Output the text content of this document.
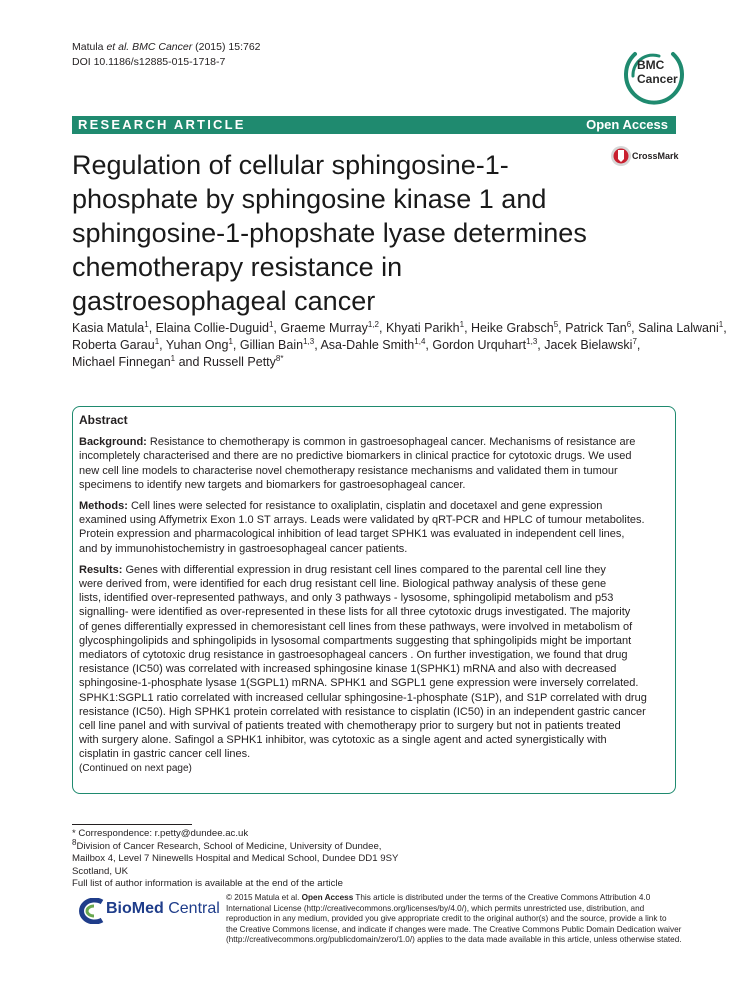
Matula et al. BMC Cancer (2015) 15:762
DOI 10.1186/s12885-015-1718-7	BMC
Cancer
RESEARCH ARTICLE	Open Access
CrossMark
Regulation of cellular sphingosine-1-
phosphate by sphingosine kinase 1 and
sphingosine-1-phopshate lyase determines
chemotherapy resistance in
gastroesophageal cancer
Kasia Matula$^1$, Elaina Collie-Duguid$^1$, Graeme Murray$^{1,2}$, Khyati Parikh$^1$, Heike Grabsch$^5$, Patrick Tan$^6$, Salina Lalwani$^1$,
Roberta Garau$^1$, Yuhan Ong$^1$, Gillian Bain$^{1,3}$, Asa-Dahle Smith$^{1,4}$, Gordon Urquhart$^{1,3}$, Jacek Bielawski$^7$,
Michael Finnegan$^1$ and Russell Petty$^{8*}$
Abstract
Background: Resistance to chemotherapy is common in gastroesophageal cancer. Mechanisms of resistance are
incompletely characterised and there are no predictive biomarkers in clinical practice for cytotoxic drugs. We used
new cell line models to characterise novel chemotherapy resistance mechanisms and validated them in tumour
specimens to identify new targets and biomarkers for gastroesophageal cancer.
Methods: Cell lines were selected for resistance to oxaliplatin, cisplatin and docetaxel and gene expression
examined using Affymetrix Exon 1.0 ST arrays. Leads were validated by qRT-PCR and HPLC of tumour metabolites.
Protein expression and pharmacological inhibition of lead target SPHK1 was evaluated in independent cell lines,
and by immunohistochemistry in gastroesophageal cancer patients.
Results: Genes with differential expression in drug resistant cell lines compared to the parental cell line they
were derived from, were identified for each drug resistant cell line. Biological pathway analysis of these gene
lists, identified over-represented pathways, and only 3 pathways - lysosome, sphingolipid metabolism and p53
signalling- were identified as over-represented in these lists for all three cytotoxic drugs investigated. The majority
of genes differentially expressed in chemoresistant cell lines from these pathways, were involved in metabolism of
glycosphingolipids and sphingolipids in lysosomal compartments suggesting that sphingolipids might be important
mediators of cytotoxic drug resistance in gastroesophageal cancers . On further investigation, we found that drug
resistance (IC50) was correlated with increased sphingosine kinase 1(SPHK1) mRNA and also with decreased
sphingosine-1-phosphate lysase 1(SGPL1) mRNA. SPHK1 and SGPL1 gene expression were inversely correlated.
SPHK1:SGPL1 ratio correlated with increased cellular sphingosine-1-phosphate (S1P), and S1P correlated with drug
resistance (IC50). High SPHK1 protein correlated with resistance to cisplatin (IC50) in an independent gastric cancer
cell line panel and with survival of patients treated with chemotherapy prior to surgery but not in patients treated
with surgery alone. Safingol a SPHK1 inhibitor, was cytotoxic as a single agent and acted synergistically with
cisplatin in gastric cancer cell lines.
(Continued on next page)
* Correspondence: r.petty@dundee.ac.uk
$^8$Division of Cancer Research, School of Medicine, University of Dundee,
Mailbox 4, Level 7 Ninewells Hospital and Medical School, Dundee DD1 9SY
Scotland, UK
Full list of author information is available at the end of the article
BioMed Central
© 2015 Matula et al. Open Access This article is distributed under the terms of the Creative Commons Attribution 4.0
International License (http://creativecommons.org/licenses/by/4.0/), which permits unrestricted use, distribution, and
reproduction in any medium, provided you give appropriate credit to the original author(s) and the source, provide a link to
the Creative Commons license, and indicate if changes were made. The Creative Commons Public Domain Dedication waiver
(http://creativecommons.org/publicdomain/zero/1.0/) applies to the data made available in this article, unless otherwise stated.
